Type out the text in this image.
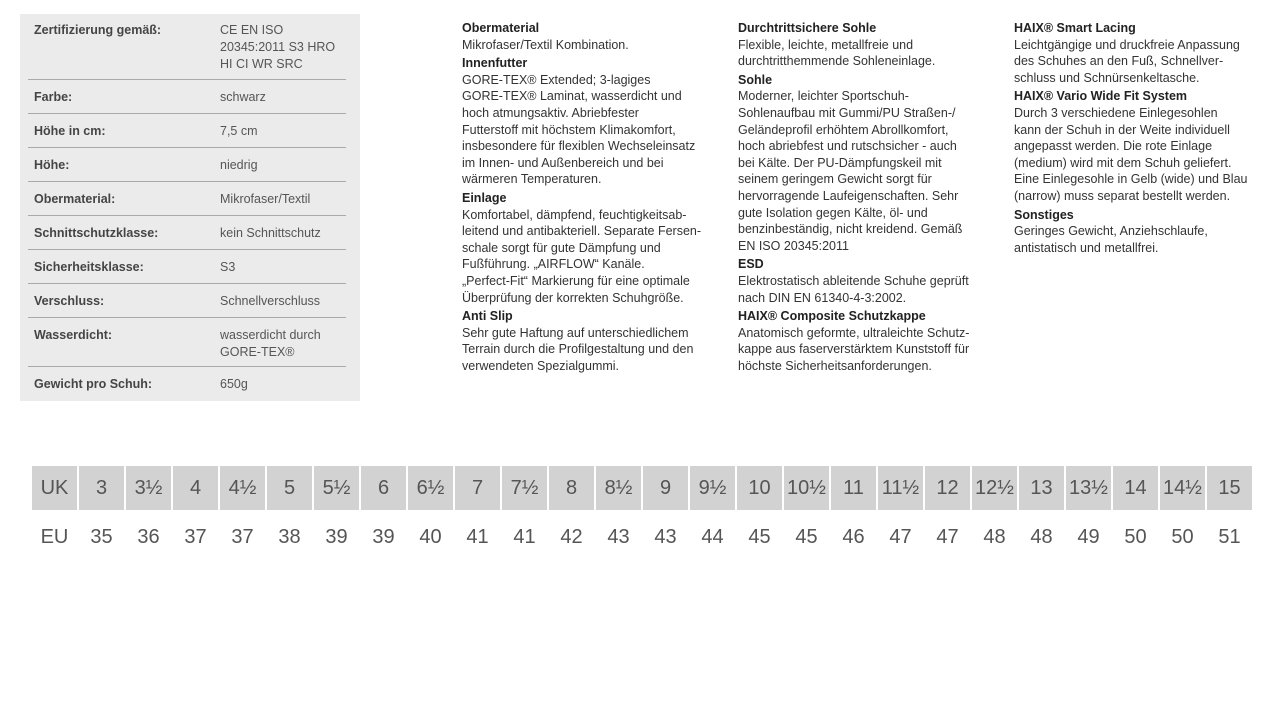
Zertifizierung gemäß:	CE EN ISO
20345:2011 S3 HRO
HI CI WR SRC
Farbe:	schwarz
Höhe in cm:	7,5 cm
Höhe:	niedrig
Obermaterial:	Mikrofaser/Textil
Schnittschutzklasse:	kein Schnittschutz
Sicherheitsklasse:	S3
Verschluss:	Schnellverschluss
Wasserdicht:	wasserdicht durch
GORE-TEX®
Gewicht pro Schuh:	650g
Obermaterial
Mikrofaser/Textil Kombination.
Innenfutter
GORE-TEX® Extended; 3-lagiges
GORE-TEX® Laminat, wasserdicht und
hoch atmungsaktiv. Abriebfester
Futterstoff mit höchstem Klimakomfort,
insbesondere für flexiblen Wechseleinsatz
im Innen- und Außenbereich und bei
wärmeren Temperaturen.
Einlage
Komfortabel, dämpfend, feuchtigkeitsab-
leitend und antibakteriell. Separate Fersen-
schale sorgt für gute Dämpfung und
Fußführung. „AIRFLOW“ Kanäle.
„Perfect-Fit“ Markierung für eine optimale
Überprüfung der korrekten Schuhgröße.
Anti Slip
Sehr gute Haftung auf unterschiedlichem
Terrain durch die Profilgestaltung und den
verwendeten Spezialgummi.
Durchtrittsichere Sohle
Flexible, leichte, metallfreie und
durchtritthemmende Sohleneinlage.
Sohle
Moderner, leichter Sportschuh-
Sohlenaufbau mit Gummi/PU Straßen-/
Geländeprofil erhöhtem Abrollkomfort,
hoch abriebfest und rutschsicher - auch
bei Kälte. Der PU-Dämpfungskeil mit
seinem geringem Gewicht sorgt für
hervorragende Laufeigenschaften. Sehr
gute Isolation gegen Kälte, öl- und
benzinbeständig, nicht kreidend. Gemäß
EN ISO 20345:2011
ESD
Elektrostatisch ableitende Schuhe geprüft
nach DIN EN 61340-4-3:2002.
HAIX® Composite Schutzkappe
Anatomisch geformte, ultraleichte Schutz-
kappe aus faserverstärktem Kunststoff für
höchste Sicherheitsanforderungen.
HAIX® Smart Lacing
Leichtgängige und druckfreie Anpassung
des Schuhes an den Fuß, Schnellver-
schluss und Schnürsenkeltasche.
HAIX® Vario Wide Fit System
Durch 3 verschiedene Einlegesohlen
kann der Schuh in der Weite individuell
angepasst werden. Die rote Einlage
(medium) wird mit dem Schuh geliefert.
Eine Einlegesohle in Gelb (wide) und Blau
(narrow) muss separat bestellt werden.
Sonstiges
Geringes Gewicht, Anziehschlaufe,
antistatisch und metallfrei.
UK	3	3½	4	4½	5	5½	6	6½	7	7½	8	8½	9	9½	10	10½	11	11½	12	12½	13	13½	14	14½	15
EU	35	36	37	37	38	39	39	40	41	41	42	43	43	44	45	45	46	47	47	48	48	49	50	50	51
